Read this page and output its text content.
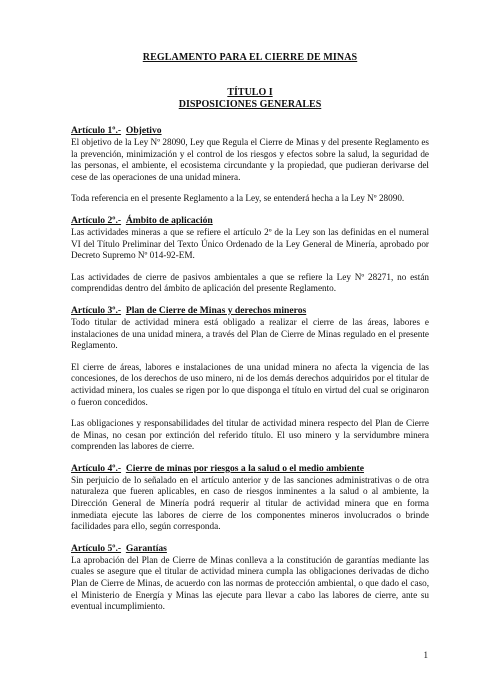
REGLAMENTO PARA EL CIERRE DE MINAS
TÍTULO I
DISPOSICIONES GENERALES
Artículo 1º.- Objetivo

El objetivo de la Ley Nº 28090, Ley que Regula el Cierre de Minas y del presente Reglamento es la prevención, minimización y el control de los riesgos y efectos sobre la salud, la seguridad de las personas, el ambiente, el ecosistema circundante y la propiedad, que pudieran derivarse del cese de las operaciones de una unidad minera.

Toda referencia en el presente Reglamento a la Ley, se entenderá hecha a la Ley Nº 28090.

Artículo 2º.- Ámbito de aplicación

Las actividades mineras a que se refiere el artículo 2º de la Ley son las definidas en el numeral VI del Título Preliminar del Texto Único Ordenado de la Ley General de Minería, aprobado por Decreto Supremo Nº 014-92-EM.

Las actividades de cierre de pasivos ambientales a que se refiere la Ley Nº 28271, no están comprendidas dentro del ámbito de aplicación del presente Reglamento.

Artículo 3º.- Plan de Cierre de Minas y derechos mineros

Todo titular de actividad minera está obligado a realizar el cierre de las áreas, labores e instalaciones de una unidad minera, a través del Plan de Cierre de Minas regulado en el presente Reglamento.

El cierre de áreas, labores e instalaciones de una unidad minera no afecta la vigencia de las concesiones, de los derechos de uso minero, ni de los demás derechos adquiridos por el titular de actividad minera, los cuales se rigen por lo que disponga el título en virtud del cual se originaron o fueron concedidos.

Las obligaciones y responsabilidades del titular de actividad minera respecto del Plan de Cierre de Minas, no cesan por extinción del referido título. El uso minero y la servidumbre minera comprenden las labores de cierre.

Artículo 4º.- Cierre de minas por riesgos a la salud o el medio ambiente

Sin perjuicio de lo señalado en el artículo anterior y de las sanciones administrativas o de otra naturaleza que fueren aplicables, en caso de riesgos inminentes a la salud o al ambiente, la Dirección General de Minería podrá requerir al titular de actividad minera que en forma inmediata ejecute las labores de cierre de los componentes mineros involucrados o brinde facilidades para ello, según corresponda.

Artículo 5º.- Garantías

La aprobación del Plan de Cierre de Minas conlleva a la constitución de garantías mediante las cuales se asegure que el titular de actividad minera cumpla las obligaciones derivadas de dicho Plan de Cierre de Minas, de acuerdo con las normas de protección ambiental, o que dado el caso, el Ministerio de Energía y Minas las ejecute para llevar a cabo las labores de cierre, ante su eventual incumplimiento.

1
